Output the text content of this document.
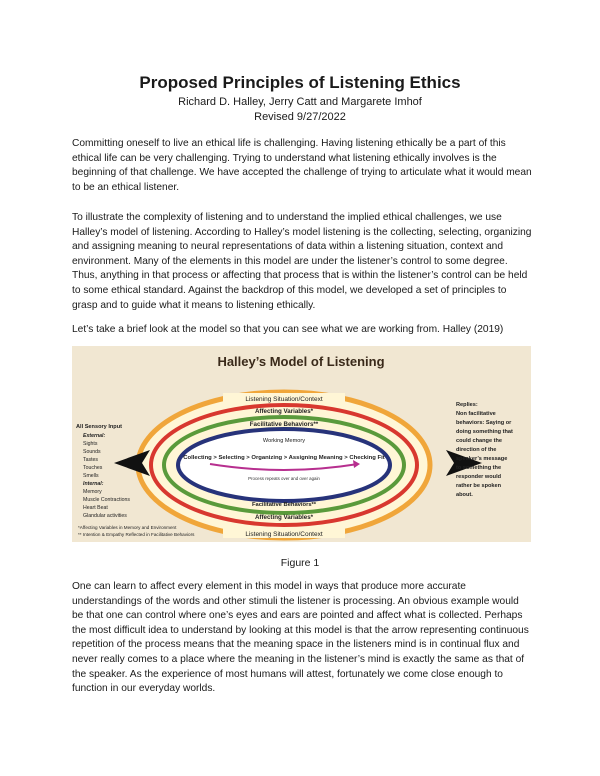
Proposed Principles of Listening Ethics
Richard D. Halley, Jerry Catt and Margarete Imhof
Revised 9/27/2022

Committing oneself to live an ethical life is challenging. Having listening ethically be a part of this ethical life can be very challenging. Trying to understand what listening ethically involves is the beginning of that challenge. We have accepted the challenge of trying to articulate what it would mean to be an ethical listener.

To illustrate the complexity of listening and to understand the implied ethical challenges, we use Halley’s model of listening. According to Halley’s model listening is the collecting, selecting, organizing and assigning meaning to neural representations of data within a listening situation, context and environment. Many of the elements in this model are under the listener’s control to some degree. Thus, anything in that process or affecting that process that is within the listener’s control can be held to some ethical standard. Against the backdrop of this model, we developed a set of principles to grasp and to guide what it means to listening ethically.

Let’s take a brief look at the model so that you can see what we are working from. Halley (2019)

Halley’s Model of Listening
Listening Situation/Context
Affecting Variables*
Facilitative Behaviors**
Working Memory
Collecting > Selecting > Organizing > Assigning Meaning > Checking Fit
Process repeats over and over again
Facilitative Behaviors**
Affecting Variables*
Listening Situation/Context
All Sensory Input
External:
Sights
Sounds
Tastes
Touches
Smells
Internal:
Memory
Muscle Contractions
Heart Beat
Glandular activities
Replies:
Non facilitative
behaviors: Saying or
doing something that
could change the
direction of the
speaker’s message
to something the
responder would
rather be spoken
about.
*Affecting Variables in Memory and Environment
** Intention & Empathy Reflected in Facilitative Behaviors
Figure 1

One can learn to affect every element in this model in ways that produce more accurate understandings of the words and other stimuli the listener is processing. An obvious example would be that one can control where one’s eyes and ears are pointed and affect what is collected. Perhaps the most difficult idea to understand by looking at this model is that the arrow representing continuous repetition of the process means that the meaning space in the listeners mind is in continual flux and never really comes to a place where the meaning in the listener’s mind is exactly the same as that of the speaker. As the experience of most humans will attest, fortunately we come close enough to function in our everyday worlds.
